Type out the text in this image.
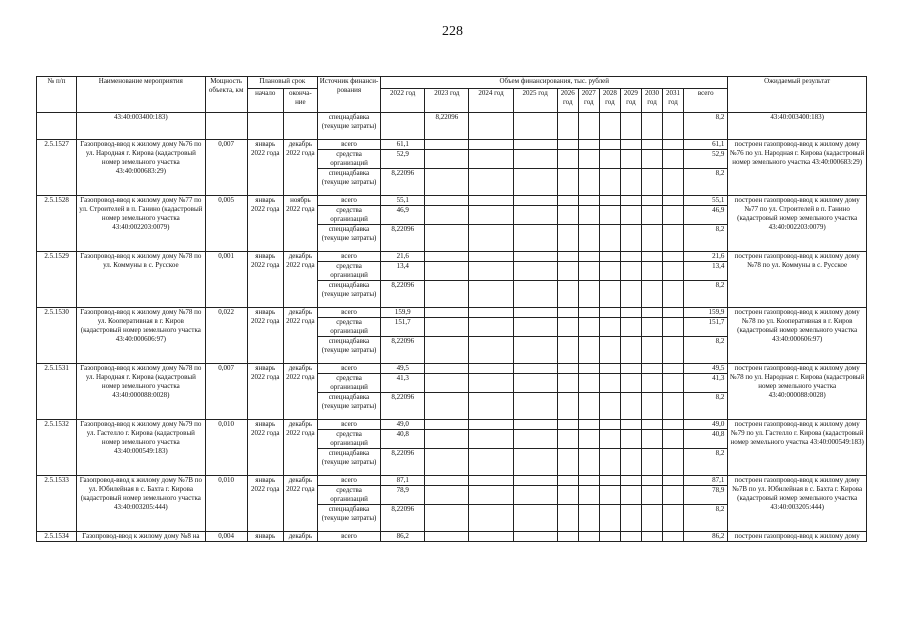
228
№ п/п	Наименование мероприятия	Мощность объекта, км	Плановый срок		Источник финанси-рования	Объем финансирования, тыс. рублей											Ожидаемый результат
			начало	оконча-ние		2022 год	2023 год	2024 год	2025 год	2026 год	2027 год	2028 год	2029 год	2030 год	2031 год	всего	
	43:40:003400:183)				спецнадбавка (текущие затраты)		8,22096									8,2	43:40:003400:183)
2.5.1527	Газопровод-ввод к жилому дому №76 по ул. Народная г. Кирова (кадастровый номер земельного участка 43:40:000683:29)	0,007	январь 2022 года	декабрь 2022 года	всего	61,1										61,1	построен газопровод-ввод к жилому дому №76 по ул. Народная г. Кирова (кадастровый номер земельного участка 43:40:000683:29)
					средства организаций	52,9										52,9	
					спецнадбавка (текущие затраты)	8,22096										8,2	
2.5.1528	Газопровод-ввод к жилому дому №77 по ул. Строителей в п. Ганино (кадастровый номер земельного участка 43:40:002203:0079)	0,005	январь 2022 года	ноябрь 2022 года	всего	55,1										55,1	построен газопровод-ввод к жилому дому №77 по ул. Строителей в п. Ганино (кадастровый номер земельного участка 43:40:002203:0079)
					средства организаций	46,9										46,9	
					спецнадбавка (текущие затраты)	8,22096										8,2	
2.5.1529	Газопровод-ввод к жилому дому №78 по ул. Коммуны в с. Русское	0,001	январь 2022 года	декабрь 2022 года	всего	21,6										21,6	построен газопровод-ввод к жилому дому №78 по ул. Коммуны в с. Русское
					средства организаций	13,4										13,4	
					спецнадбавка (текущие затраты)	8,22096										8,2	
2.5.1530	Газопровод-ввод к жилому дому №78 по ул. Кооперативная в г. Киров (кадастровый номер земельного участка 43:40:000606:97)	0,022	январь 2022 года	декабрь 2022 года	всего	159,9										159,9	построен газопровод-ввод к жилому дому №78 по ул. Кооперативная в г. Киров (кадастровый номер земельного участка 43:40:000606:97)
					средства организаций	151,7										151,7	
					спецнадбавка (текущие затраты)	8,22096										8,2	
2.5.1531	Газопровод-ввод к жилому дому №78 по ул. Народная г. Кирова (кадастровый номер земельного участка 43:40:000088:0028)	0,007	январь 2022 года	декабрь 2022 года	всего	49,5										49,5	построен газопровод-ввод к жилому дому №78 по ул. Народная г. Кирова (кадастровый номер земельного участка 43:40:000088:0028)
					средства организаций	41,3										41,3	
					спецнадбавка (текущие затраты)	8,22096										8,2	
2.5.1532	Газопровод-ввод к жилому дому №79 по ул. Гастелло г. Кирова (кадастровый номер земельного участка 43:40:000549:183)	0,010	январь 2022 года	декабрь 2022 года	всего	49,0										49,0	построен газопровод-ввод к жилому дому №79 по ул. Гастелло г. Кирова (кадастровый номер земельного участка 43:40:000549:183)
					средства организаций	40,8										40,8	
					спецнадбавка (текущие затраты)	8,22096										8,2	
2.5.1533	Газопровод-ввод к жилому дому №7В по ул. Юбилейная в с. Бахта г. Кирова (кадастровый номер земельного участка 43:40:003205:444)	0,010	январь 2022 года	декабрь 2022 года	всего	87,1										87,1	построен газопровод-ввод к жилому дому №7В по ул. Юбилейная в с. Бахта г. Кирова (кадастровый номер земельного участка 43:40:003205:444)
					средства организаций	78,9										78,9	
					спецнадбавка (текущие затраты)	8,22096										8,2	
2.5.1534	Газопровод-ввод к жилому дому №8 на	0,004	январь	декабрь	всего	86,2										86,2	построен газопровод-ввод к жилому дому
